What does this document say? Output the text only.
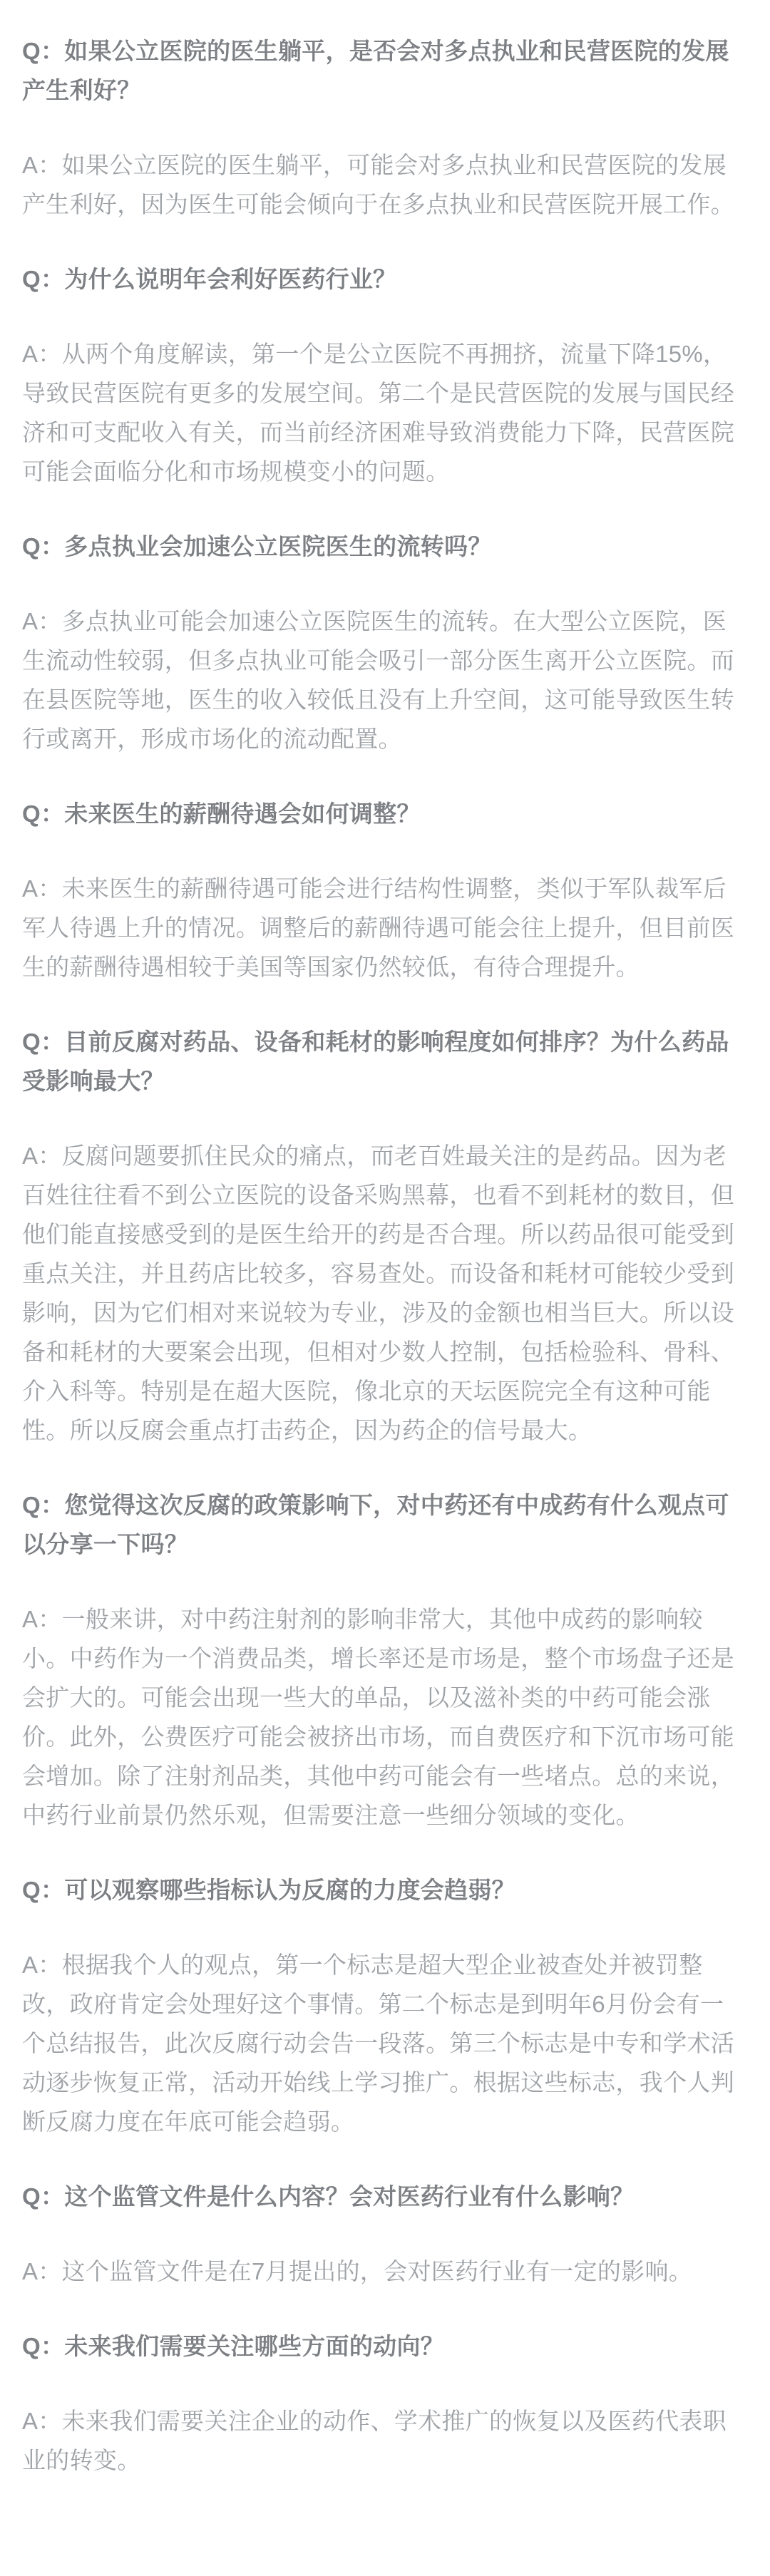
Q：如果公立医院的医生躺平，是否会对多点执业和民营医院的发展产生利好？

A：如果公立医院的医生躺平，可能会对多点执业和民营医院的发展产生利好，因为医生可能会倾向于在多点执业和民营医院开展工作。

Q：为什么说明年会利好医药行业？

A：从两个角度解读，第一个是公立医院不再拥挤，流量下降15%，导致民营医院有更多的发展空间。第二个是民营医院的发展与国民经济和可支配收入有关，而当前经济困难导致消费能力下降，民营医院可能会面临分化和市场规模变小的问题。

Q：多点执业会加速公立医院医生的流转吗？

A：多点执业可能会加速公立医院医生的流转。在大型公立医院，医生流动性较弱，但多点执业可能会吸引一部分医生离开公立医院。而在县医院等地，医生的收入较低且没有上升空间，这可能导致医生转行或离开，形成市场化的流动配置。

Q：未来医生的薪酬待遇会如何调整？

A：未来医生的薪酬待遇可能会进行结构性调整，类似于军队裁军后军人待遇上升的情况。调整后的薪酬待遇可能会往上提升，但目前医生的薪酬待遇相较于美国等国家仍然较低，有待合理提升。

Q：目前反腐对药品、设备和耗材的影响程度如何排序？为什么药品受影响最大？

A：反腐问题要抓住民众的痛点，而老百姓最关注的是药品。因为老百姓往往看不到公立医院的设备采购黑幕，也看不到耗材的数目，但他们能直接感受到的是医生给开的药是否合理。所以药品很可能受到重点关注，并且药店比较多，容易查处。而设备和耗材可能较少受到影响，因为它们相对来说较为专业，涉及的金额也相当巨大。所以设备和耗材的大要案会出现，但相对少数人控制，包括检验科、骨科、介入科等。特别是在超大医院，像北京的天坛医院完全有这种可能性。所以反腐会重点打击药企，因为药企的信号最大。

Q：您觉得这次反腐的政策影响下，对中药还有中成药有什么观点可以分享一下吗？

A：一般来讲，对中药注射剂的影响非常大，其他中成药的影响较小。中药作为一个消费品类，增长率还是市场是，整个市场盘子还是会扩大的。可能会出现一些大的单品，以及滋补类的中药可能会涨价。此外，公费医疗可能会被挤出市场，而自费医疗和下沉市场可能会增加。除了注射剂品类，其他中药可能会有一些堵点。总的来说，中药行业前景仍然乐观，但需要注意一些细分领域的变化。

Q：可以观察哪些指标认为反腐的力度会趋弱？

A：根据我个人的观点，第一个标志是超大型企业被查处并被罚整改，政府肯定会处理好这个事情。第二个标志是到明年6月份会有一个总结报告，此次反腐行动会告一段落。第三个标志是中专和学术活动逐步恢复正常，活动开始线上学习推广。根据这些标志，我个人判断反腐力度在年底可能会趋弱。

Q：这个监管文件是什么内容？会对医药行业有什么影响？

A：这个监管文件是在7月提出的，会对医药行业有一定的影响。

Q：未来我们需要关注哪些方面的动向？

A：未来我们需要关注企业的动作、学术推广的恢复以及医药代表职业的转变。
